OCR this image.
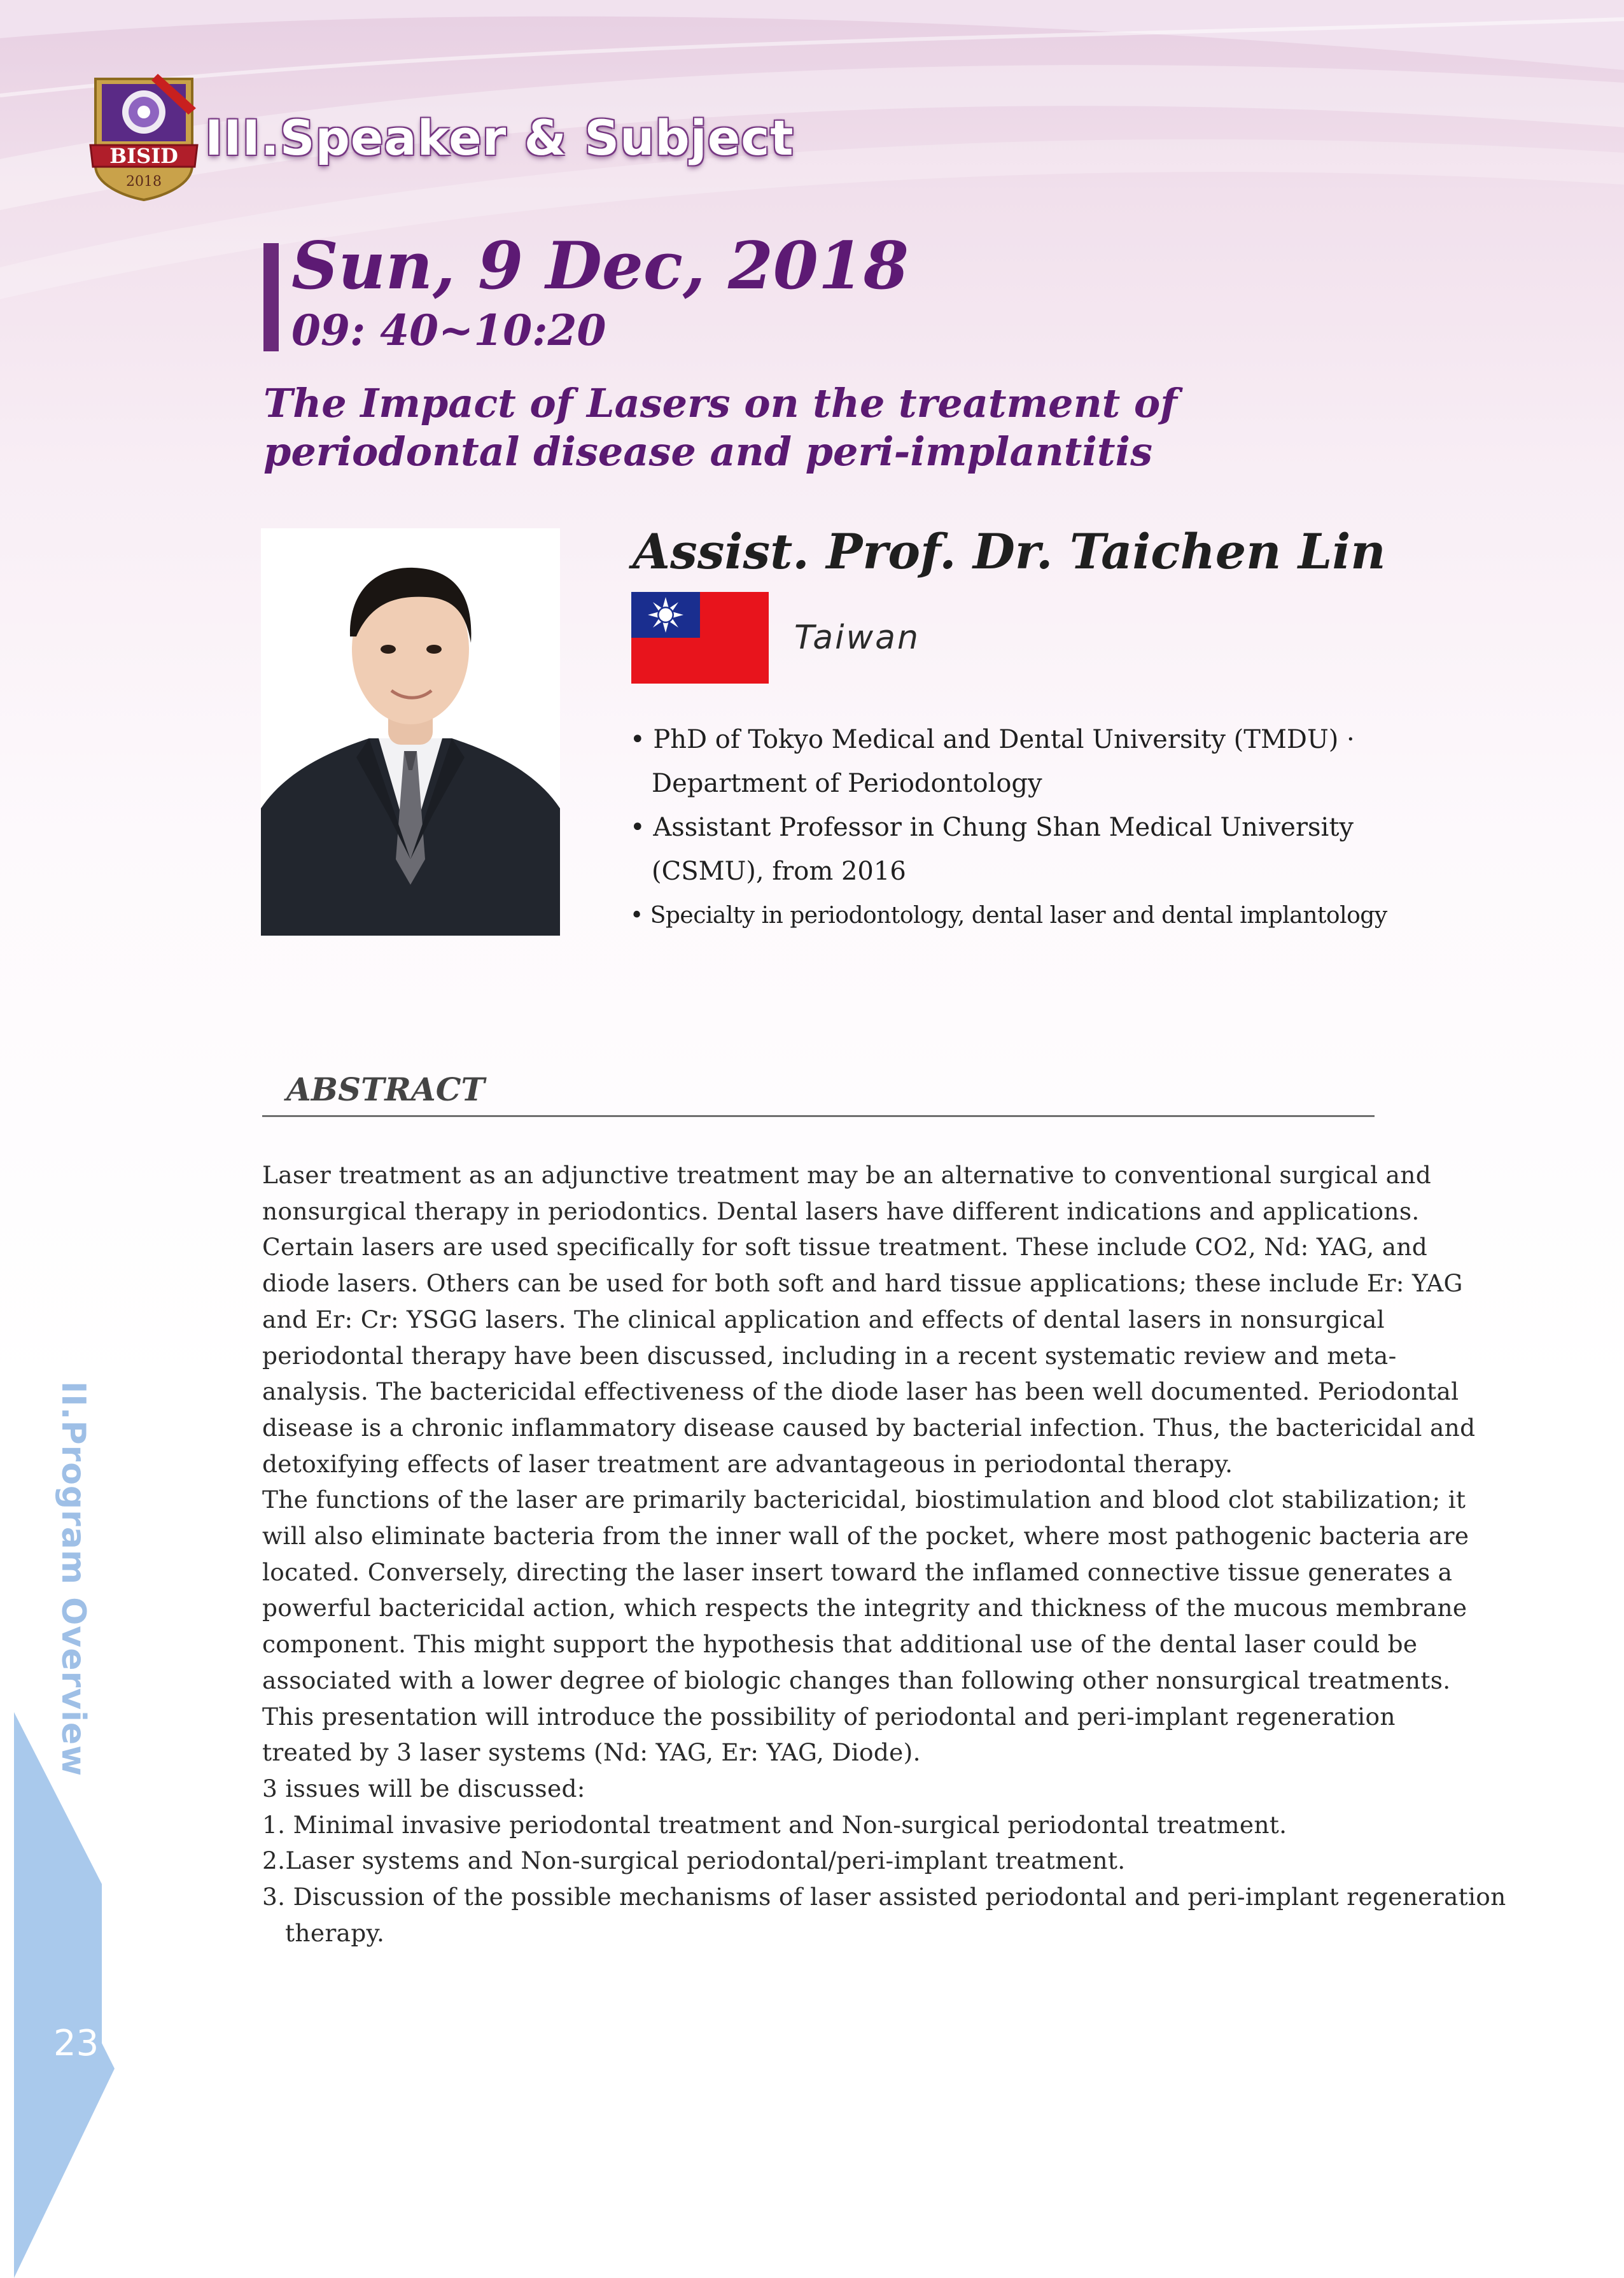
BISID
2018
III.Speaker & Subject
Sun, 9 Dec, 2018
09: 40~10:20
The Impact of Lasers on the treatment of
periodontal disease and peri-implantitis
Assist. Prof. Dr. Taichen Lin
Taiwan
• PhD of Tokyo Medical and Dental University (TMDU) ·
Department of Periodontology
• Assistant Professor in Chung Shan Medical University
(CSMU), from 2016
• Specialty in periodontology, dental laser and dental implantology
ABSTRACT

Laser treatment as an adjunctive treatment may be an alternative to conventional surgical and

nonsurgical therapy in periodontics. Dental lasers have different indications and applications.

Certain lasers are used specifically for soft tissue treatment. These include CO2, Nd: YAG, and

diode lasers. Others can be used for both soft and hard tissue applications; these include Er: YAG

and Er: Cr: YSGG lasers. The clinical application and effects of dental lasers in nonsurgical

periodontal therapy have been discussed, including in a recent systematic review and meta-

analysis. The bactericidal effectiveness of the diode laser has been well documented. Periodontal

disease is a chronic inflammatory disease caused by bacterial infection. Thus, the bactericidal and

detoxifying effects of laser treatment are advantageous in periodontal therapy.

The functions of the laser are primarily bactericidal, biostimulation and blood clot stabilization; it

will also eliminate bacteria from the inner wall of the pocket, where most pathogenic bacteria are

located. Conversely, directing the laser insert toward the inflamed connective tissue generates a

powerful bactericidal action, which respects the integrity and thickness of the mucous membrane

component. This might support the hypothesis that additional use of the dental laser could be

associated with a lower degree of biologic changes than following other nonsurgical treatments.

This presentation will introduce the possibility of periodontal and peri-implant regeneration

treated by 3 laser systems (Nd: YAG, Er: YAG, Diode).

3 issues will be discussed:

1. Minimal invasive periodontal treatment and Non-surgical periodontal treatment.

2.Laser systems and Non-surgical periodontal/peri-implant treatment.

3. Discussion of the possible mechanisms of laser assisted periodontal and peri-implant regeneration

therapy.

II.Program Overview
23
